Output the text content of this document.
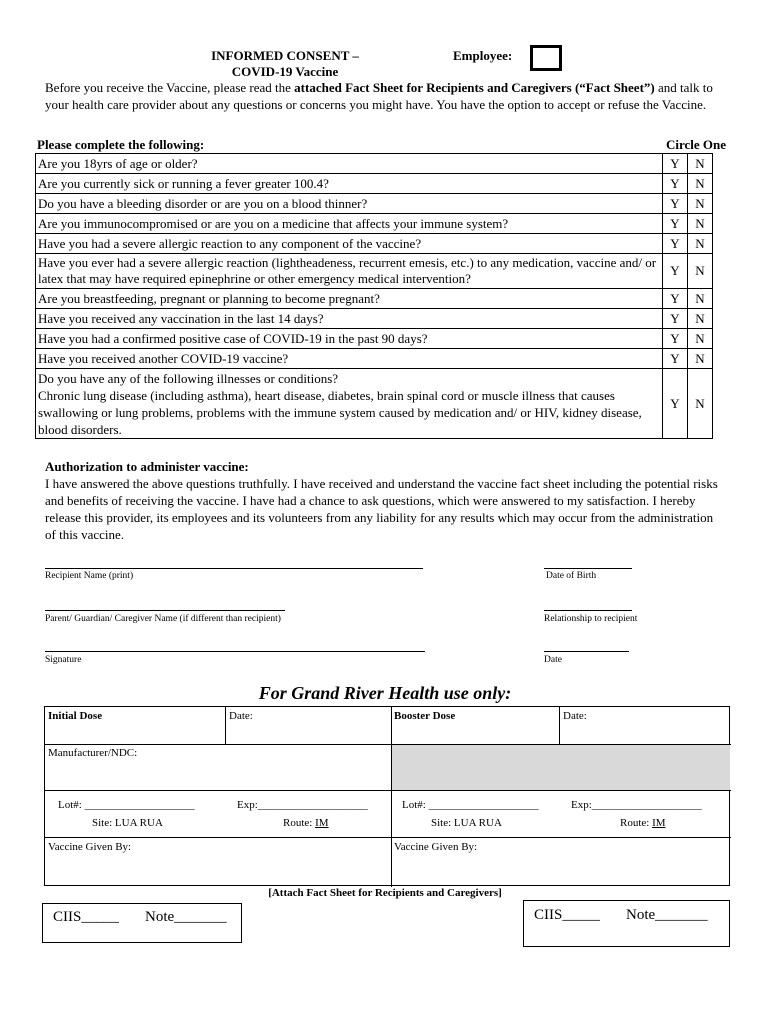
INFORMED CONSENT –
COVID-19 Vaccine
Employee:
Before you receive the Vaccine, please read the attached Fact Sheet for Recipients and Caregivers (“Fact Sheet”) and talk to your health care provider about any questions or concerns you might have. You have the option to accept or refuse the Vaccine.
Please complete the following:	Circle One
Are you 18yrs of age or older?	Y	N
Are you currently sick or running a fever greater 100.4?	Y	N
Do you have a bleeding disorder or are you on a blood thinner?	Y	N
Are you immunocompromised or are you on a medicine that affects your immune system?	Y	N
Have you had a severe allergic reaction to any component of the vaccine?	Y	N
Have you ever had a severe allergic reaction (lightheadeness, recurrent emesis, etc.) to any medication, vaccine and/ or latex that may have required epinephrine or other emergency medical intervention?	Y	N
Are you breastfeeding, pregnant or planning to become pregnant?	Y	N
Have you received any vaccination in the last 14 days?	Y	N
Have you had a confirmed positive case of COVID-19 in the past 90 days?	Y	N
Have you received another COVID-19 vaccine?	Y	N

Do you have any of the following illnesses or conditions?
Chronic lung disease (including asthma), heart disease, diabetes, brain spinal cord or muscle illness that causes swallowing or lung problems, problems with the immune system caused by medication and/ or HIV, kidney disease, blood disorders.	Y	N
Authorization to administer vaccine:
I have answered the above questions truthfully. I have received and understand the vaccine fact sheet including the potential risks and benefits of receiving the vaccine. I have had a chance to ask questions, which were answered to my satisfaction. I hereby release this provider, its employees and its volunteers from any liability for any results which may occur from the administration of this vaccine.
Recipient Name (print)	Date of Birth
Parent/ Guardian/ Caregiver Name (if different than recipient)	Relationship to recipient
Signature	Date
For Grand River Health use only:
Initial Dose	Date:	Booster Dose	Date:
Manufacturer/NDC:
Lot#: ____________________	Exp:____________________
Site: LUA RUA	Route: IM
Lot#: ____________________	Exp:____________________
Site: LUA RUA	Route: IM
Vaccine Given By:	Vaccine Given By:
[Attach Fact Sheet for Recipients and Caregivers]
CIIS_____ Note_______	CIIS_____ Note_______
